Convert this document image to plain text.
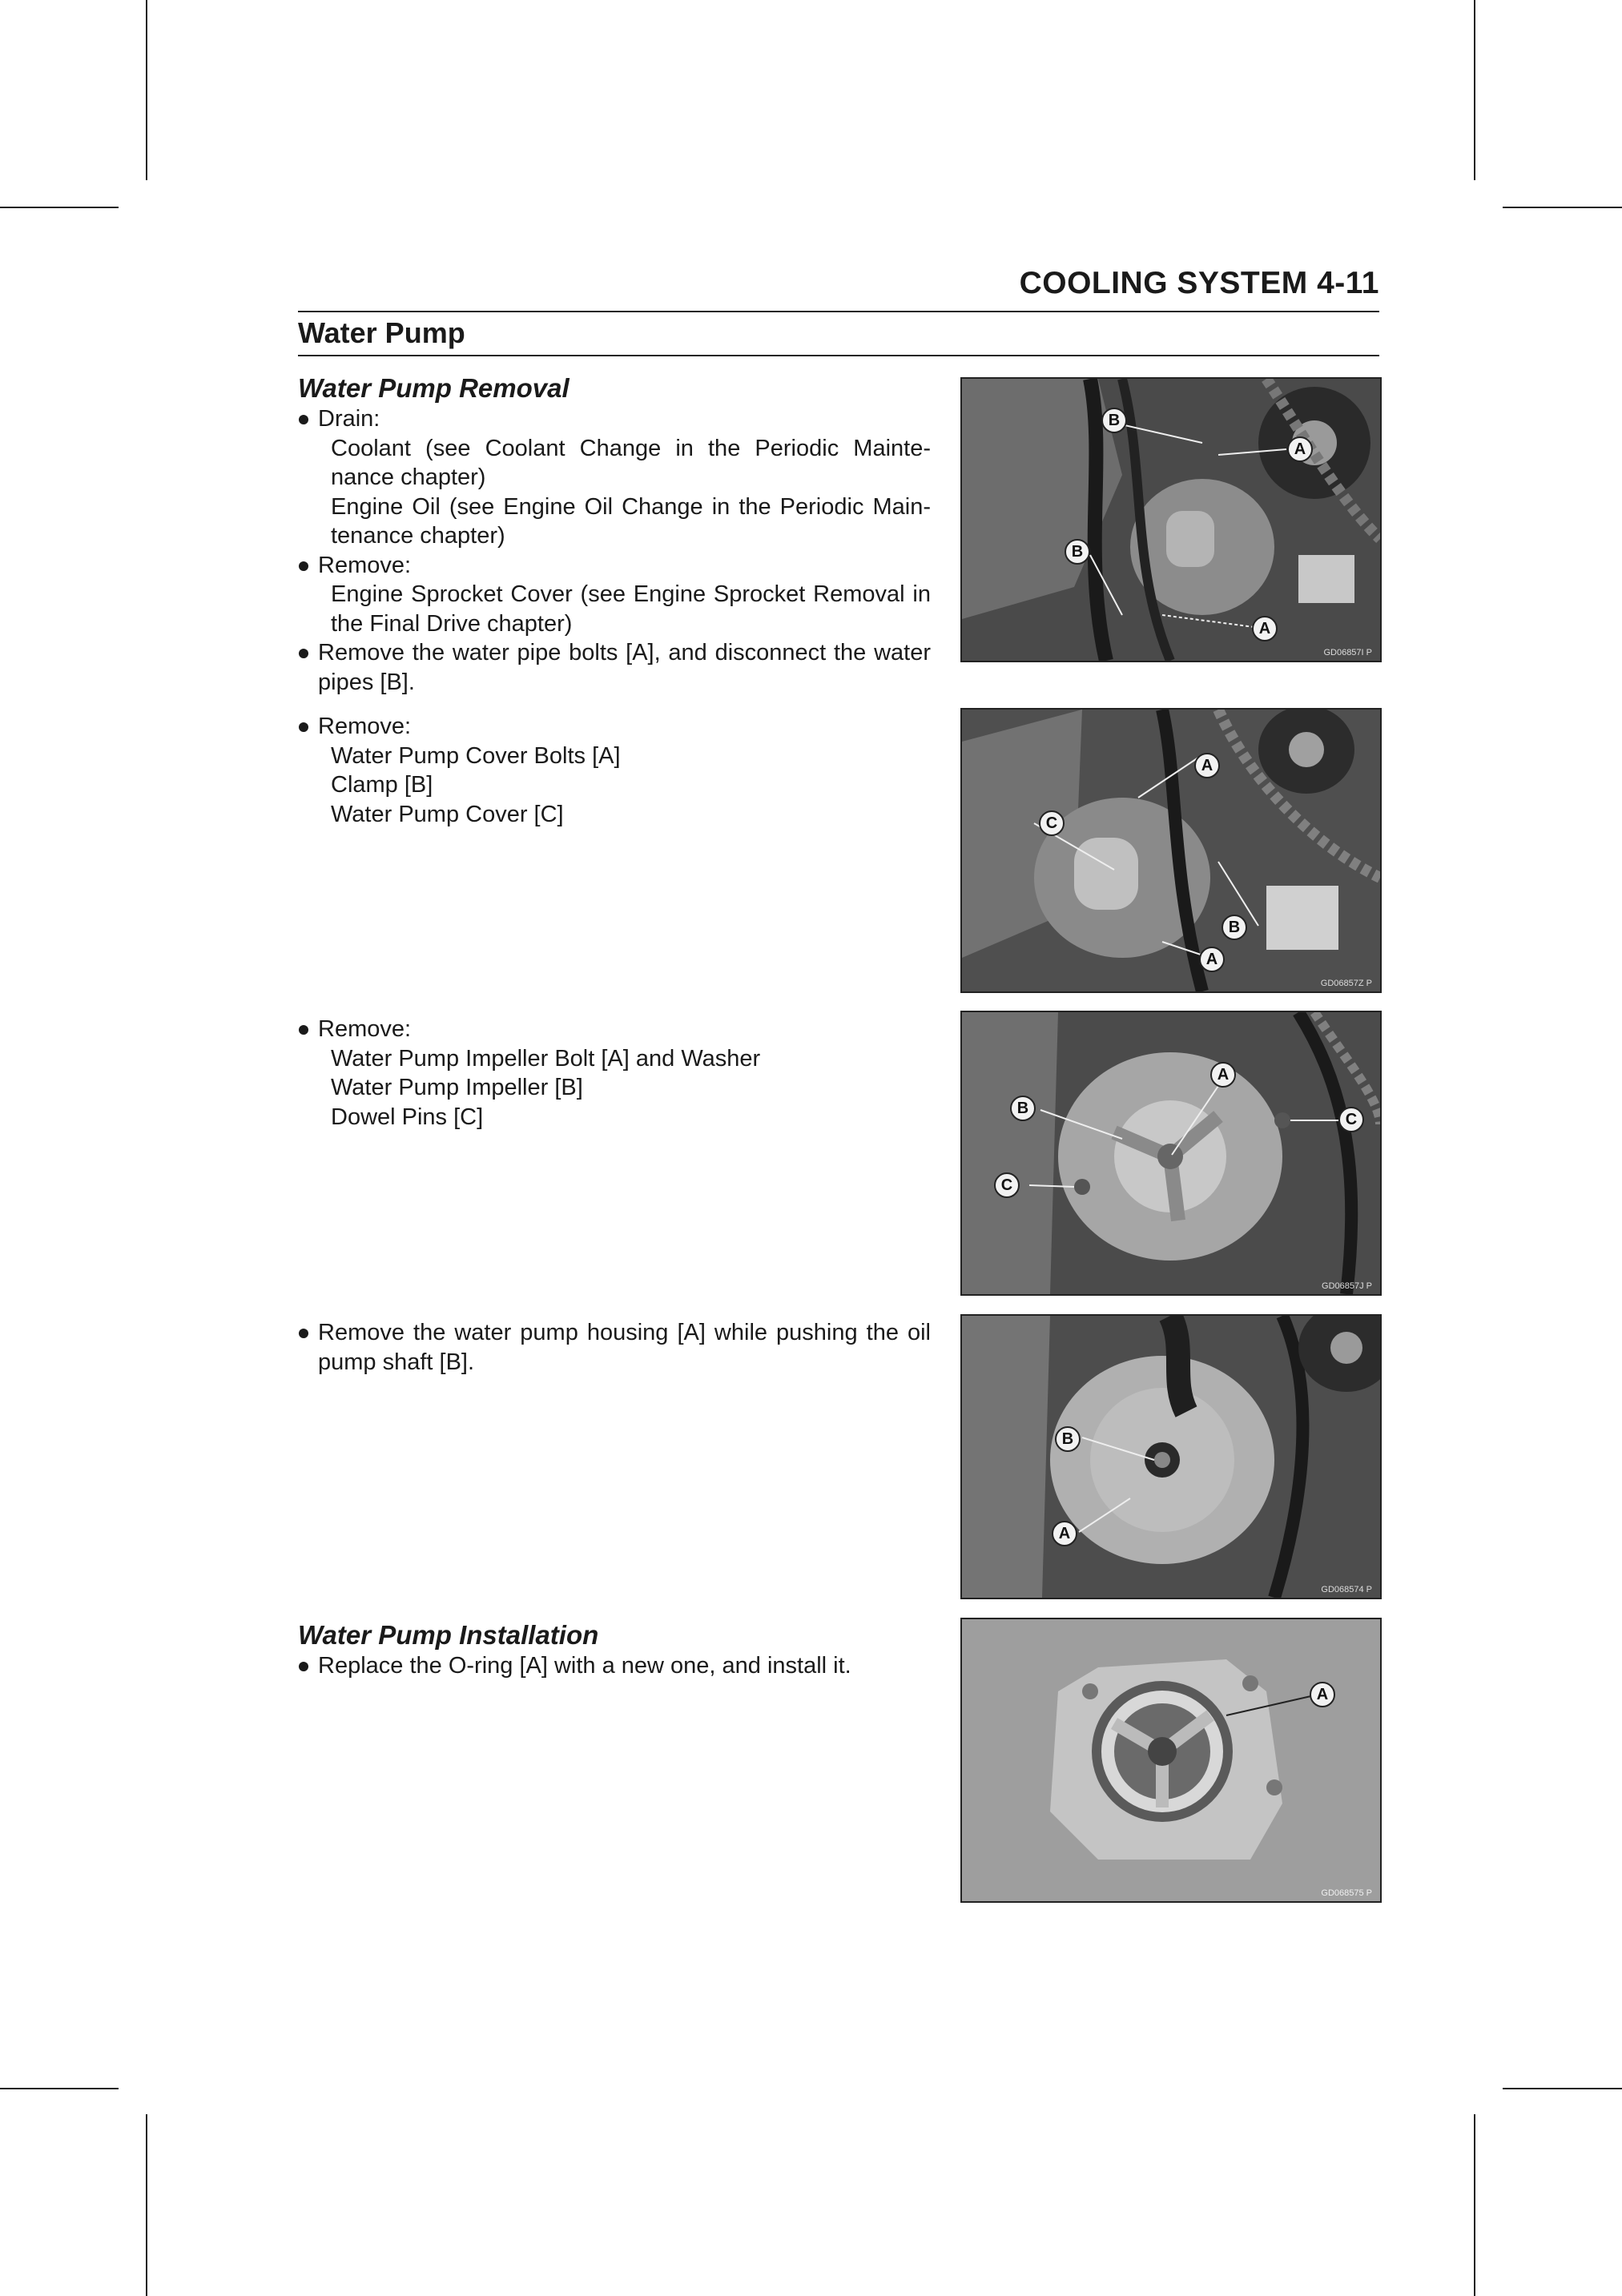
COOLING SYSTEM 4-11
Water Pump
Water Pump Removal
Drain:
Coolant (see Coolant Change in the Periodic Mainte-nance chapter)
Engine Oil (see Engine Oil Change in the Periodic Main-tenance chapter)
Remove:
Engine Sprocket Cover (see Engine Sprocket Removal in the Final Drive chapter)
Remove the water pipe bolts [A], and disconnect the water pipes [B].
Remove:
Water Pump Cover Bolts [A]
Clamp [B]
Water Pump Cover [C]
Remove:
Water Pump Impeller Bolt [A] and Washer
Water Pump Impeller [B]
Dowel Pins [C]
Remove the water pump housing [A] while pushing the oil pump shaft [B].
Water Pump Installation
Replace the O-ring [A] with a new one, and install it.
B
A
B
A
GD06857I P
A
C
B
A
GD06857Z P
A
B
C
C
GD06857J P
B
A
GD068574 P
A
GD068575 P
